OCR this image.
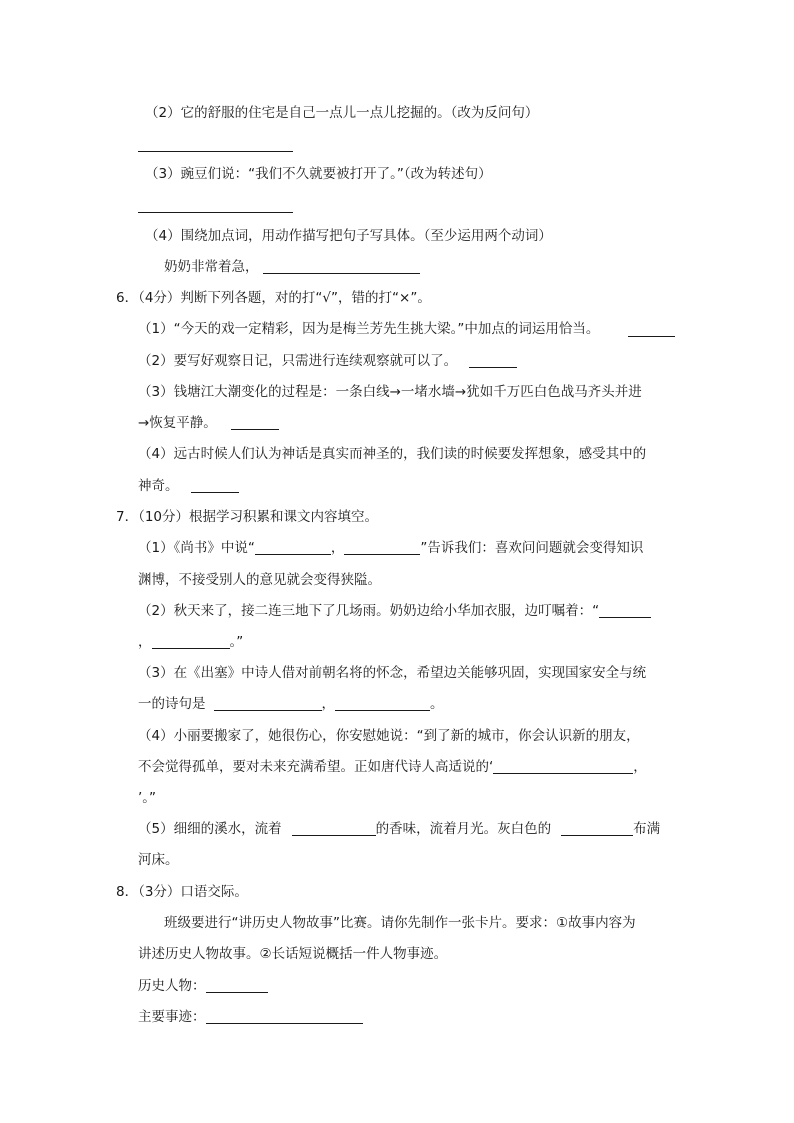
（2）它的舒服的住宅是自己一点儿一点儿挖掘的。（改为反问句）
（3）豌豆们说：“我们不久就要被打开了。”（改为转述句）
（4）围绕加点词，用动作描写把句子写具体。（至少运用两个动词）
奶奶非常着急，
6．（4分）判断下列各题，对的打“√”，错的打“×”。
（1）“今天的戏一定精彩，因为是梅兰芳先生挑大梁。”中加点的词运用恰当。
（2）要写好观察日记，只需进行连续观察就可以了。
（3）钱塘江大潮变化的过程是：一条白线→一堵水墙→犹如千万匹白色战马齐头并进
→恢复平静。
（4）远古时候人们认为神话是真实而神圣的，我们读的时候要发挥想象，感受其中的
神奇。
7．（10分）根据学习积累和课文内容填空。
（1）《尚书》中说“	，	”告诉我们：喜欢问问题就会变得知识
渊博，不接受别人的意见就会变得狭隘。
（2）秋天来了，接二连三地下了几场雨。奶奶边给小华加衣服，边叮嘱着：“
，	。”
（3）在《出塞》中诗人借对前朝名将的怀念，希望边关能够巩固，实现国家安全与统
一的诗句是	，	。
（4）小丽要搬家了，她很伤心，你安慰她说：“到了新的城市，你会认识新的朋友，
不会觉得孤单，要对未来充满希望。正如唐代诗人高适说的‘	，
’。”
（5）细细的溪水，流着	的香味，流着月光。灰白色的	布满
河床。
8．（3分）口语交际。
班级要进行“讲历史人物故事”比赛。请你先制作一张卡片。要求：①故事内容为
讲述历史人物故事。②长话短说概括一件人物事迹。
历史人物：
主要事迹：
